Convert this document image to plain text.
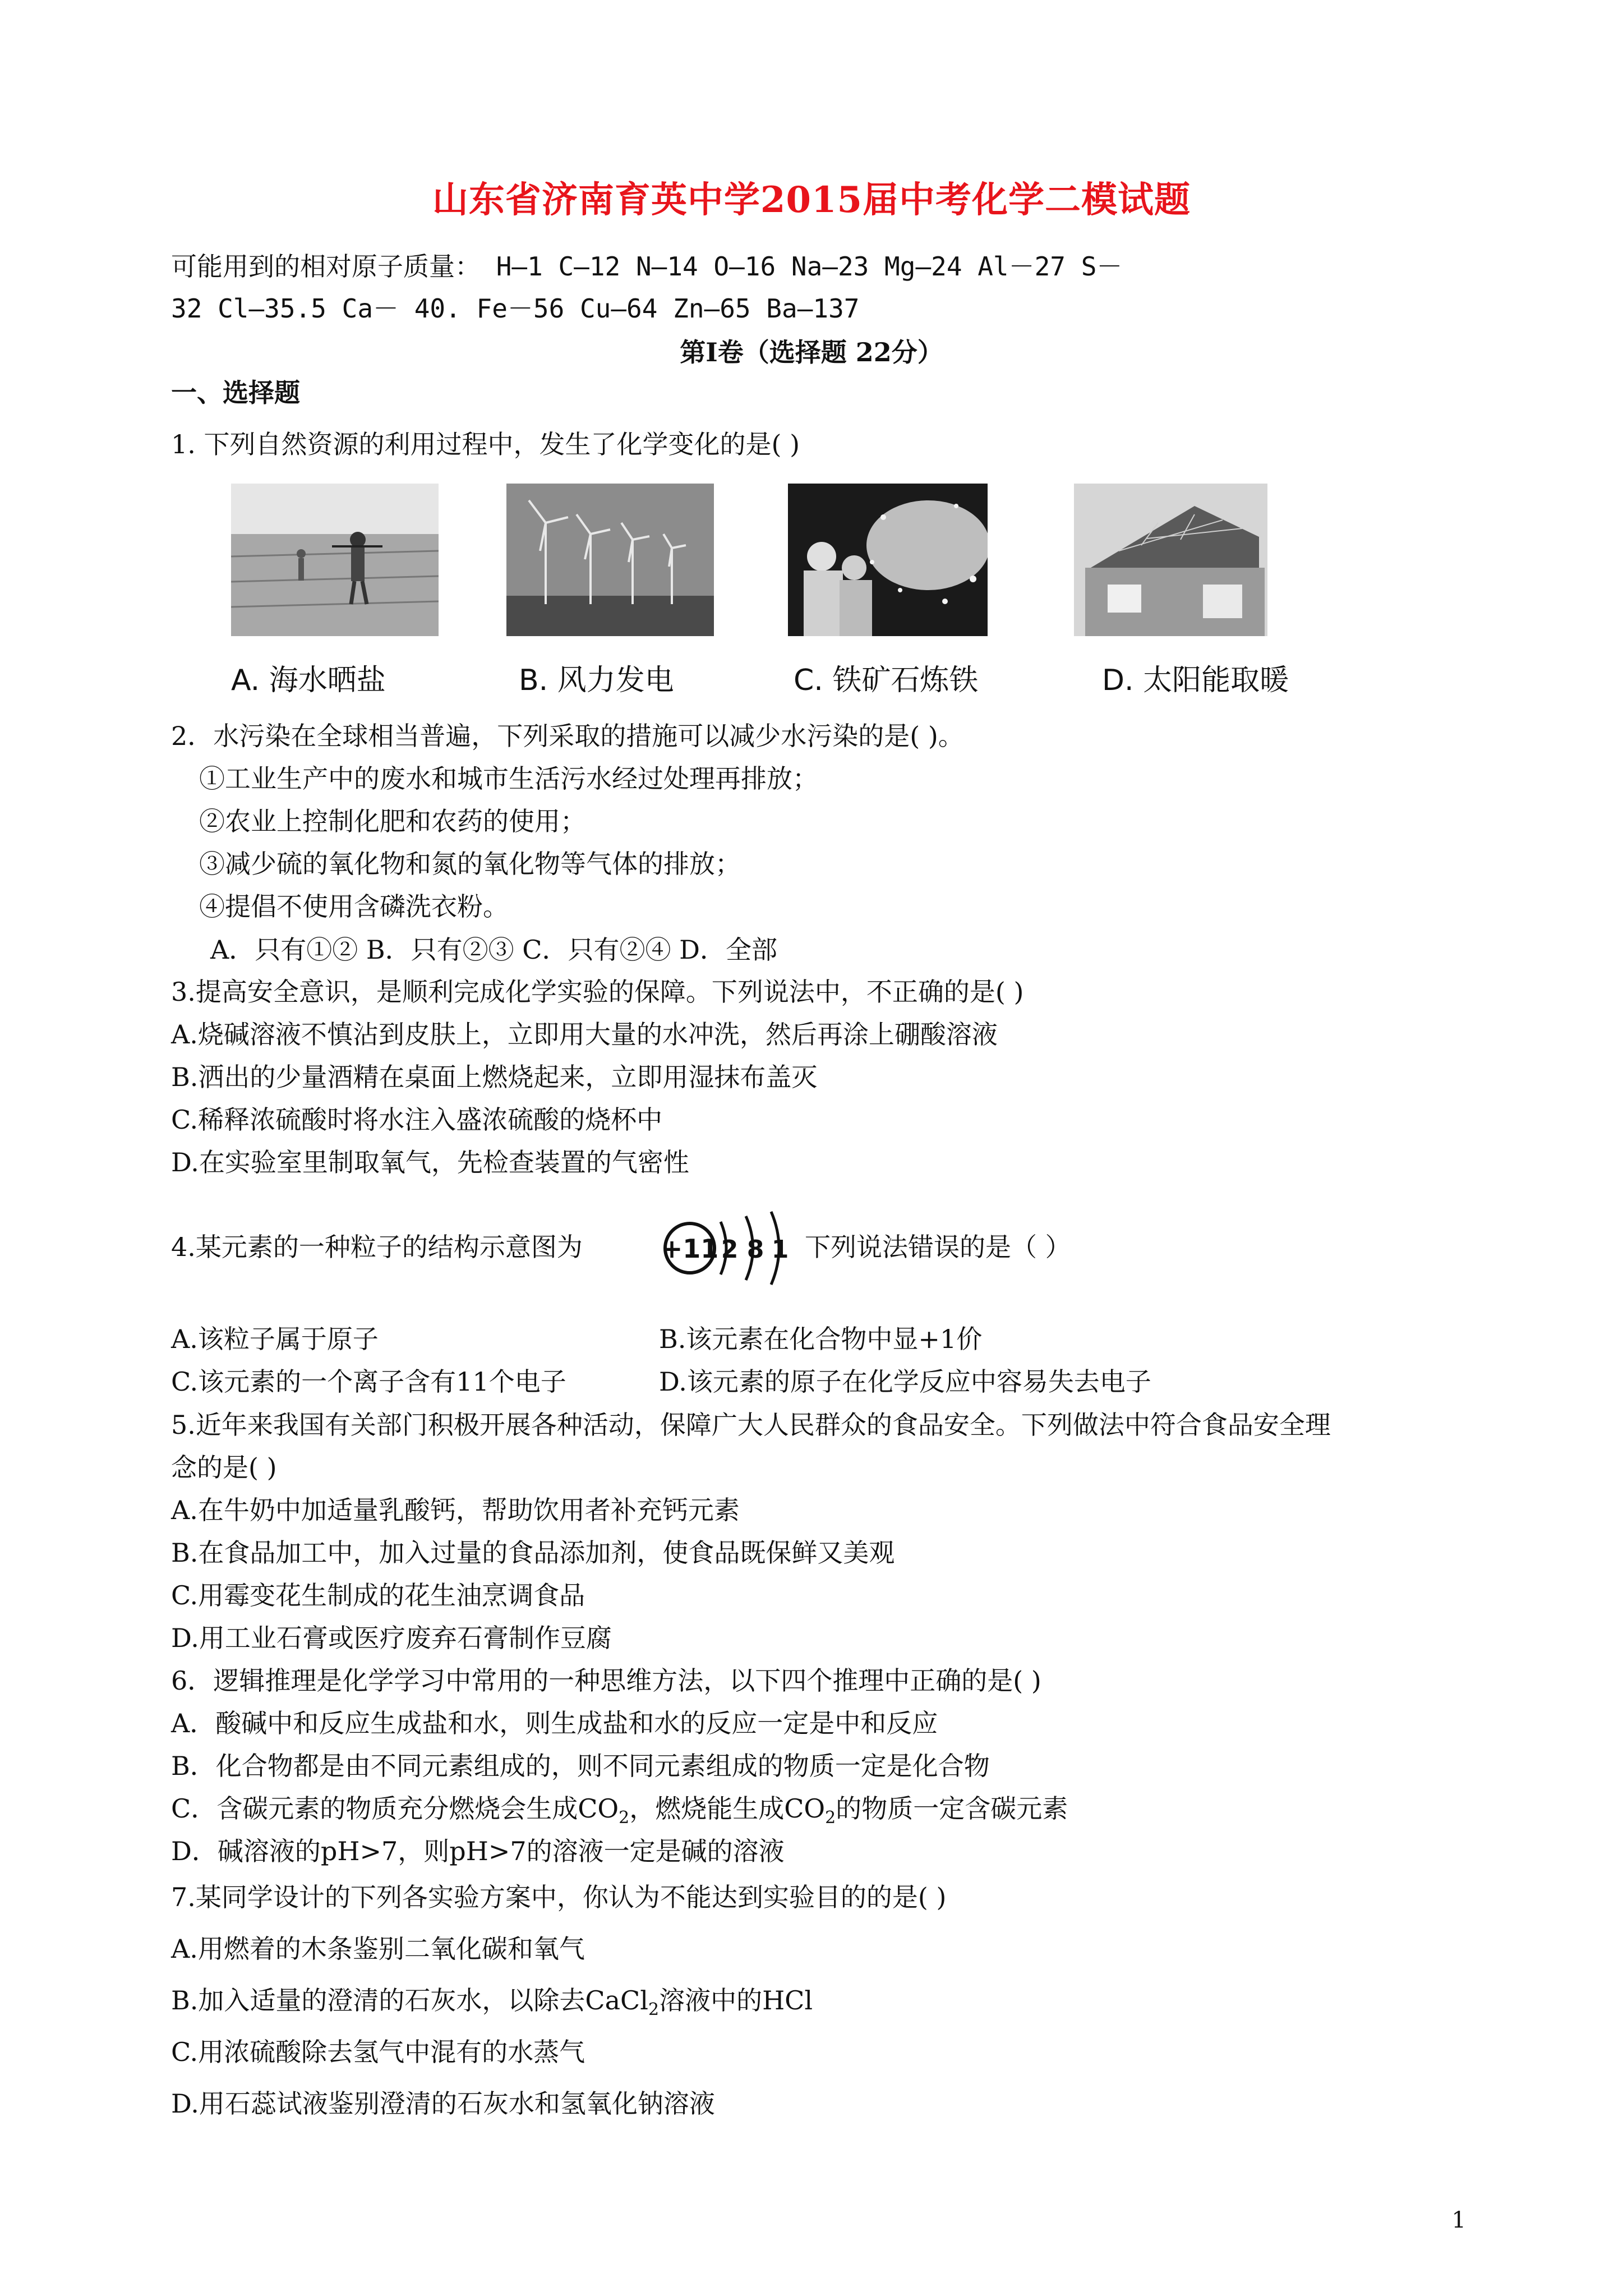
山东省济南育英中学2015届中考化学二模试题
可能用到的相对原子质量： H—1 C—12 N—14 O—16 Na—23 Mg—24 Al－27 S－
32 Cl—35.5 Ca－ 40. Fe－56 Cu—64 Zn—65 Ba—137
第Ⅰ卷（选择题 22分）
一、选择题
1. 下列自然资源的利用过程中，发生了化学变化的是( )
A. 海水晒盐	B. 风力发电	C. 铁矿石炼铁	D. 太阳能取暖
2．水污染在全球相当普遍，下列采取的措施可以减少水污染的是( )。
①工业生产中的废水和城市生活污水经过处理再排放；
②农业上控制化肥和农药的使用；
③减少硫的氧化物和氮的氧化物等气体的排放；
④提倡不使用含磷洗衣粉。
A．只有①② B．只有②③ C．只有②④ D．全部
3.提高安全意识，是顺利完成化学实验的保障。下列说法中，不正确的是( )
A.烧碱溶液不慎沾到皮肤上，立即用大量的水冲洗，然后再涂上硼酸溶液
B.洒出的少量酒精在桌面上燃烧起来，立即用湿抹布盖灭
C.稀释浓硫酸时将水注入盛浓硫酸的烧杯中
D.在实验室里制取氧气，先检查装置的气密性
4.某元素的一种粒子的结构示意图为	+11 2 8 1 下列说法错误的是（ ）
A.该粒子属于原子	B.该元素在化合物中显+1价
C.该元素的一个离子含有11个电子	D.该元素的原子在化学反应中容易失去电子
5.近年来我国有关部门积极开展各种活动，保障广大人民群众的食品安全。下列做法中符合食品安全理
念的是( )
A.在牛奶中加适量乳酸钙，帮助饮用者补充钙元素
B.在食品加工中，加入过量的食品添加剂，使食品既保鲜又美观
C.用霉变花生制成的花生油烹调食品
D.用工业石膏或医疗废弃石膏制作豆腐
6．逻辑推理是化学学习中常用的一种思维方法，以下四个推理中正确的是( )
A．酸碱中和反应生成盐和水，则生成盐和水的反应一定是中和反应
B．化合物都是由不同元素组成的，则不同元素组成的物质一定是化合物
C．含碳元素的物质充分燃烧会生成$CO_2$，燃烧能生成$CO_2$的物质一定含碳元素
D．碱溶液的pH>7，则pH>7的溶液一定是碱的溶液
7.某同学设计的下列各实验方案中，你认为不能达到实验目的的是( )
A.用燃着的木条鉴别二氧化碳和氧气
B.加入适量的澄清的石灰水，以除去CaCl$_2$溶液中的HCl
C.用浓硫酸除去氢气中混有的水蒸气
D.用石蕊试液鉴别澄清的石灰水和氢氧化钠溶液
1
